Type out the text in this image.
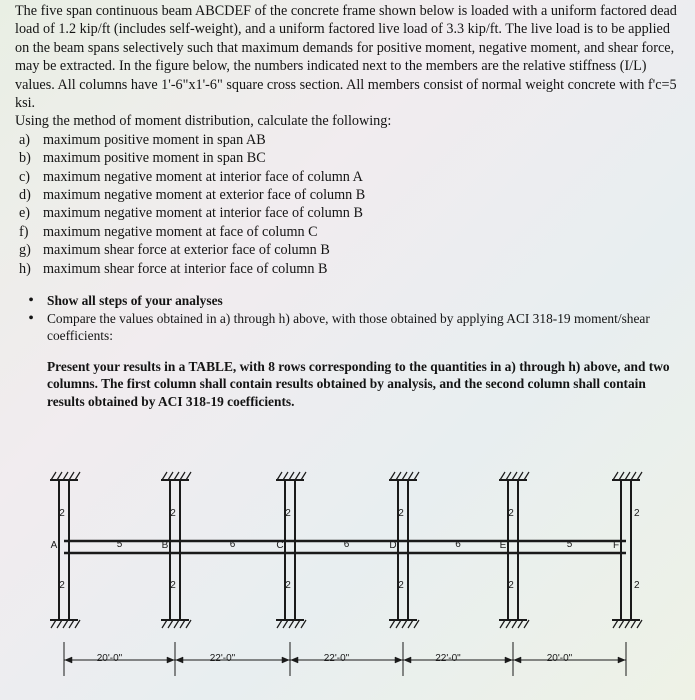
The five span continuous beam ABCDEF of the concrete frame shown below is loaded with a uniform factored dead load of 1.2 kip/ft (includes self-weight), and a uniform factored live load of 3.3 kip/ft. The live load is to be applied on the beam spans selectively such that maximum demands for positive moment, negative moment, and shear force, may be extracted. In the figure below, the numbers indicated next to the members are the relative stiffness (I/L) values. All columns have 1'-6"x1'-6" square cross section. All members consist of normal weight concrete with f'c=5 ksi.

Using the method of moment distribution, calculate the following:

a) maximum positive moment in span AB
b) maximum positive moment in span BC
c) maximum negative moment at interior face of column A
d) maximum negative moment at exterior face of column B
e) maximum negative moment at interior face of column B
f)	maximum negative moment at face of column C
g) maximum shear force at exterior face of column B
h) maximum shear force at interior face of column B
• Show all steps of your analyses
• Compare the values obtained in a) through h) above, with those obtained by applying ACI 318-19 moment/shear coefficients:

Present your results in a TABLE, with 8 rows corresponding to the quantities in a) through h) above, and two columns. The first column shall contain results obtained by analysis, and the second column shall contain results obtained by ACI 318-19 coefficients.

A
2
2
B
2
2
C
2
2
D
2
2
E
2
2
F
2
2
5
20'-0"
6
22'-0"
6
22'-0"
6
22'-0"
5
20'-0"
